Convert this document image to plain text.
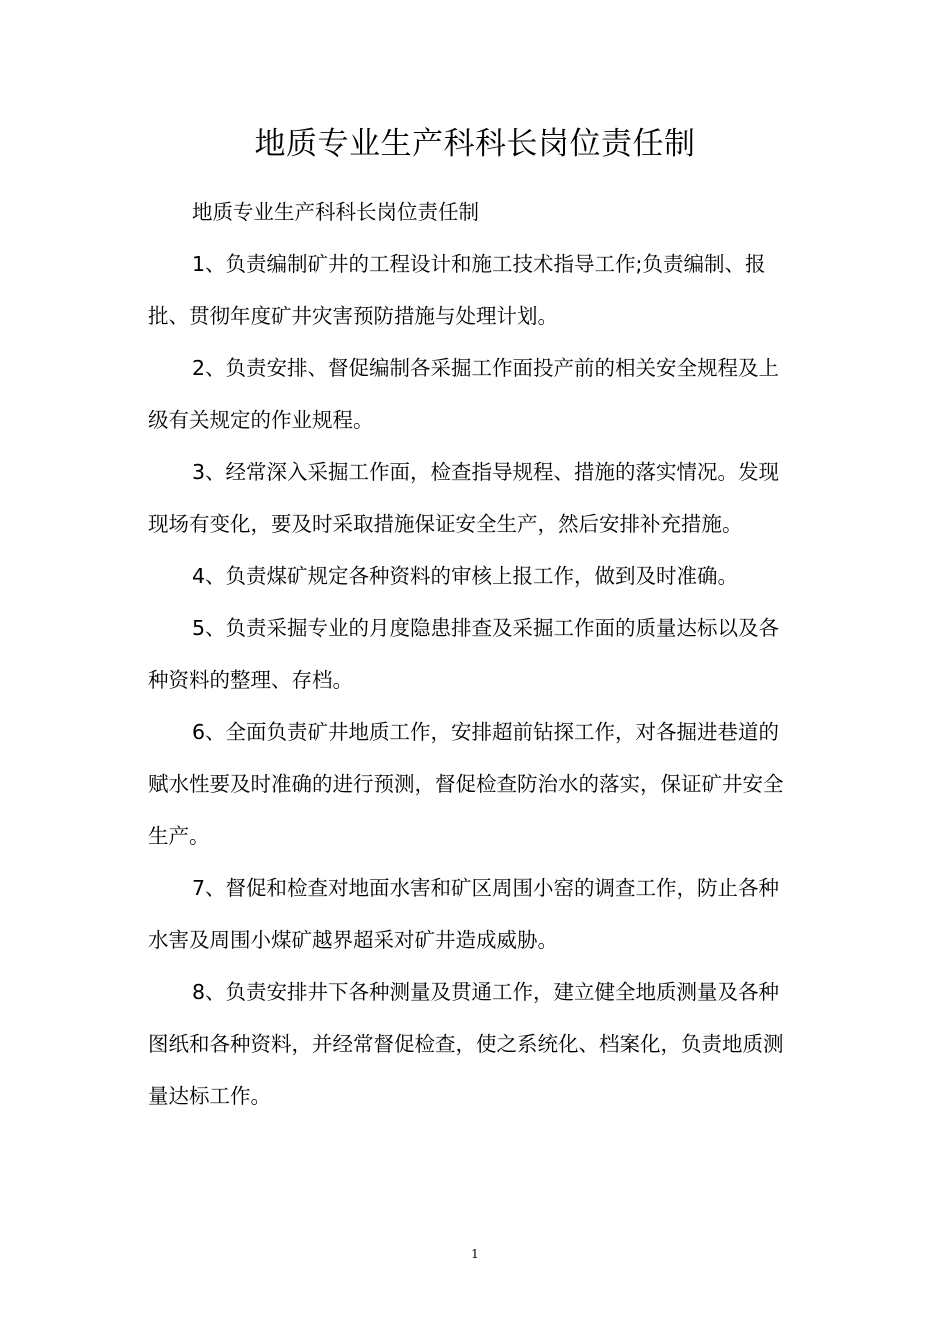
地质专业生产科科长岗位责任制

地质专业生产科科长岗位责任制

1、负责编制矿井的工程设计和施工技术指导工作;负责编制、报批、贯彻年度矿井灾害预防措施与处理计划。

2、负责安排、督促编制各采掘工作面投产前的相关安全规程及上级有关规定的作业规程。

3、经常深入采掘工作面，检查指导规程、措施的落实情况。发现现场有变化，要及时采取措施保证安全生产，然后安排补充措施。

4、负责煤矿规定各种资料的审核上报工作，做到及时准确。

5、负责采掘专业的月度隐患排查及采掘工作面的质量达标以及各种资料的整理、存档。

6、全面负责矿井地质工作，安排超前钻探工作，对各掘进巷道的赋水性要及时准确的进行预测，督促检查防治水的落实，保证矿井安全生产。

7、督促和检查对地面水害和矿区周围小窑的调查工作，防止各种水害及周围小煤矿越界超采对矿井造成威胁。

8、负责安排井下各种测量及贯通工作，建立健全地质测量及各种图纸和各种资料，并经常督促检查，使之系统化、档案化，负责地质测量达标工作。

1
